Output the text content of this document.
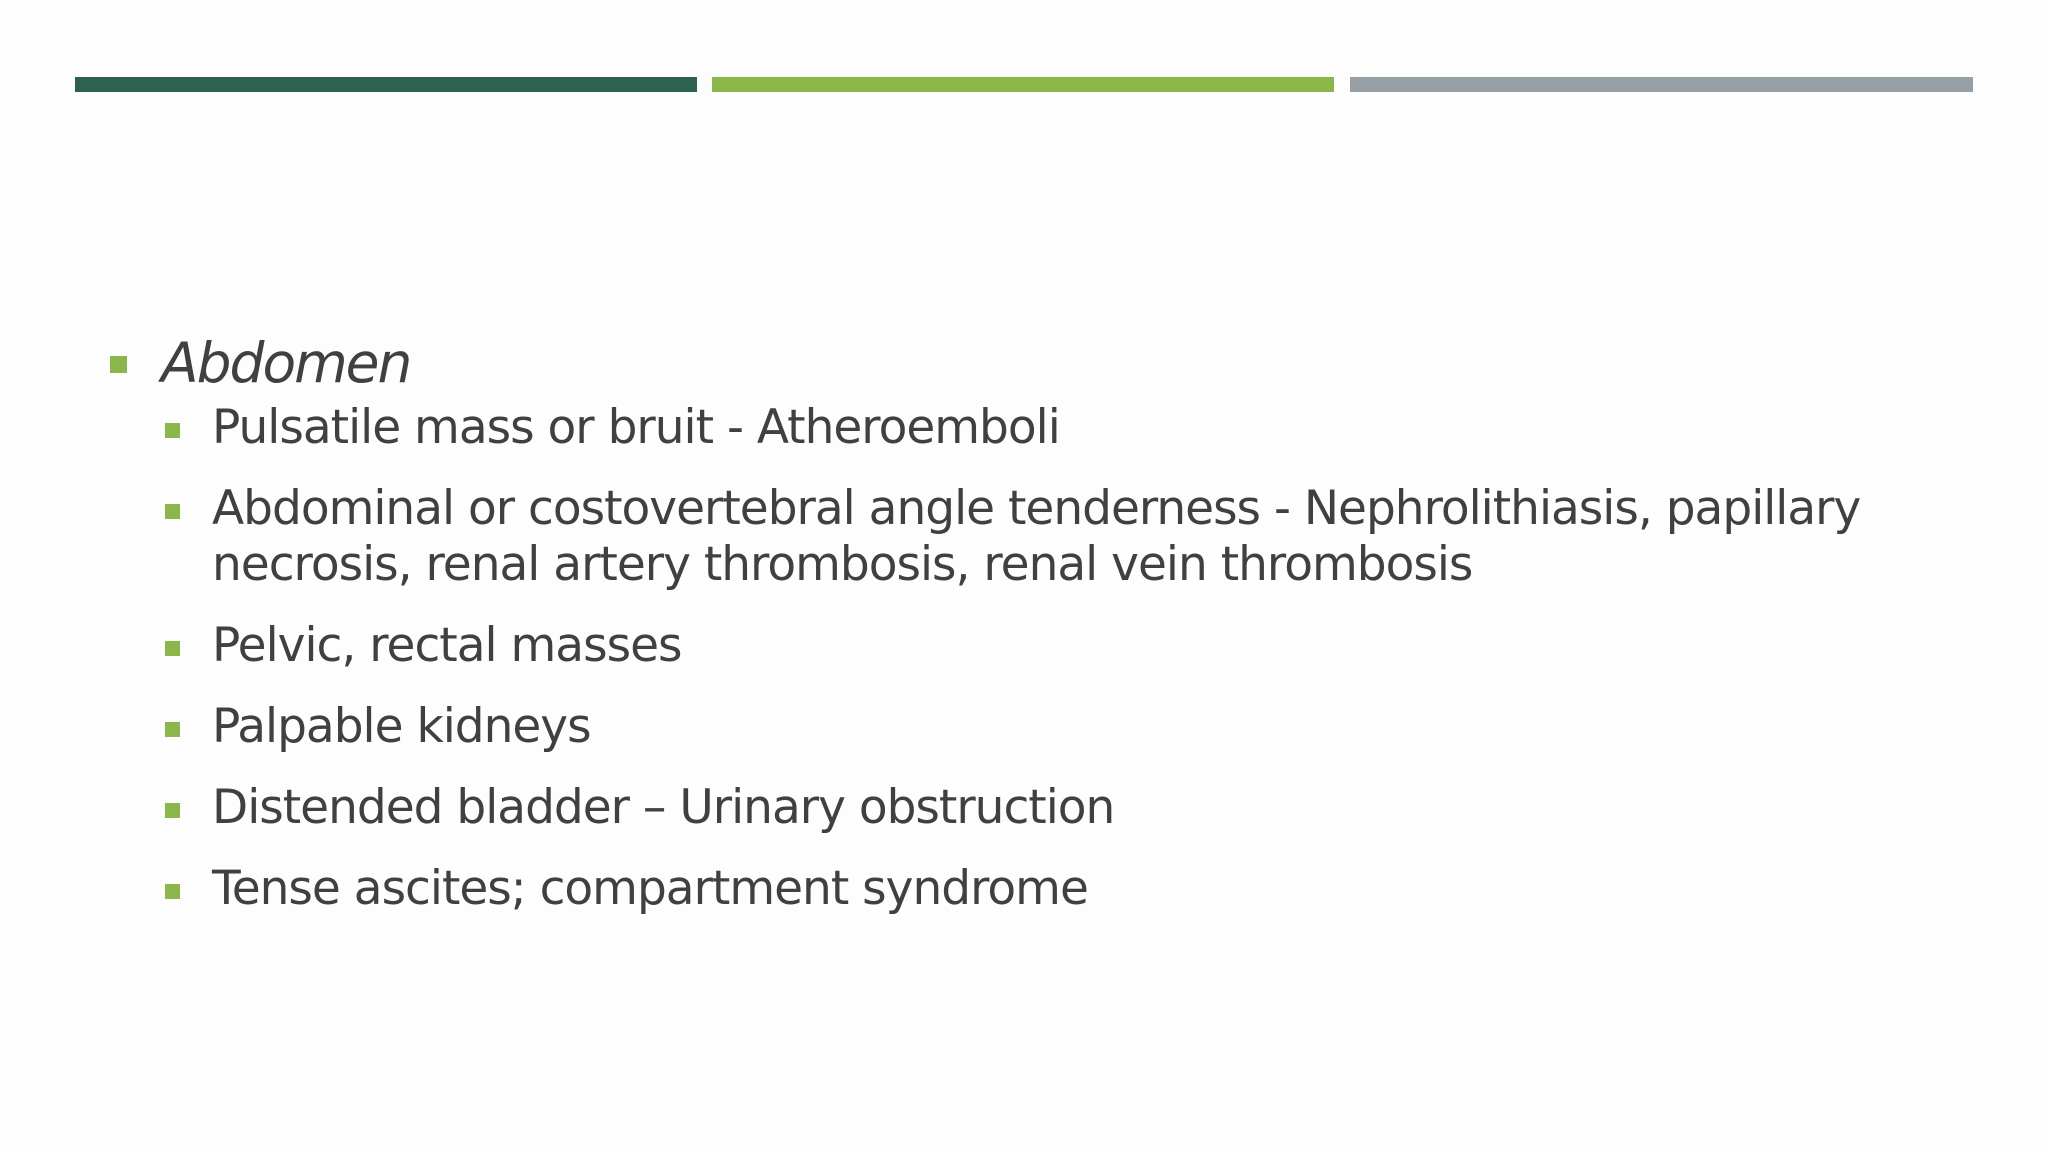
Abdomen
Pulsatile mass or bruit - Atheroemboli
Abdominal or costovertebral angle tenderness - Nephrolithiasis, papillary necrosis, renal artery thrombosis, renal vein thrombosis
Pelvic, rectal masses
Palpable kidneys
Distended bladder – Urinary obstruction
Tense ascites; compartment syndrome
